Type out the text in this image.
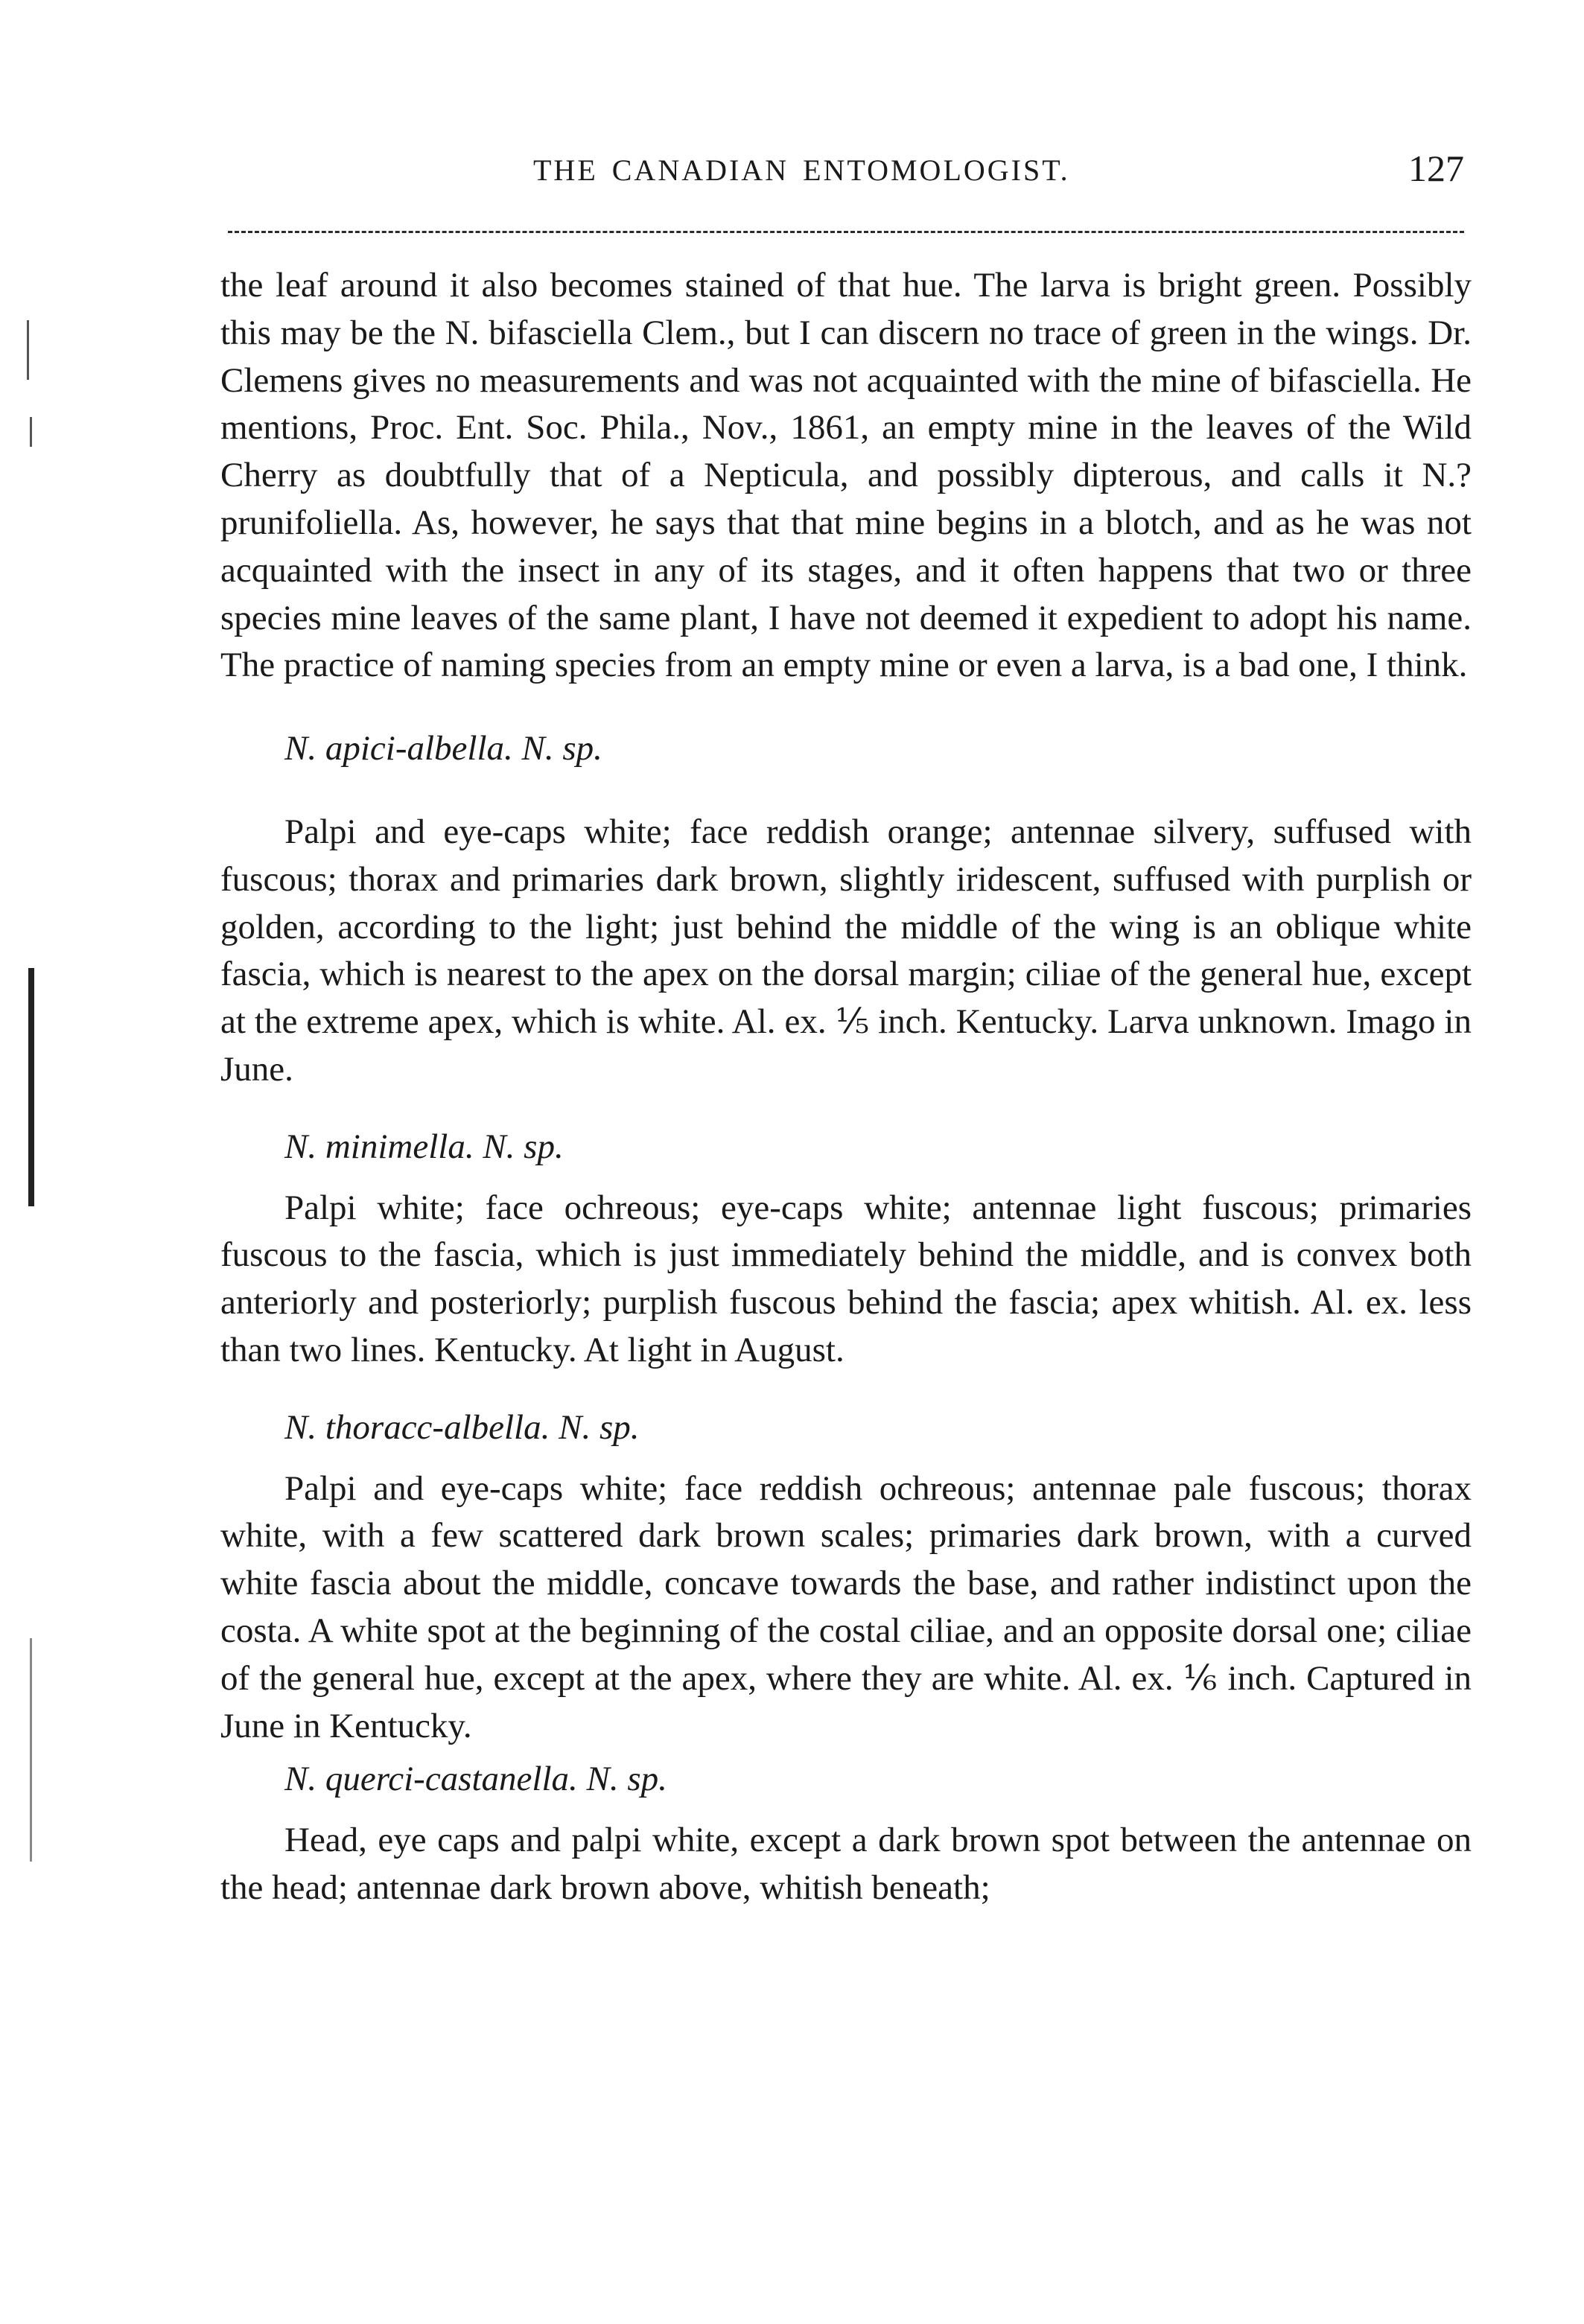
THE CANADIAN ENTOMOLOGIST.	127

the leaf around it also becomes stained of that hue. The larva is bright green. Possibly this may be the N. bifasciella Clem., but I can discern no trace of green in the wings. Dr. Clemens gives no measurements and was not acquainted with the mine of bifasciella. He mentions, Proc. Ent. Soc. Phila., Nov., 1861, an empty mine in the leaves of the Wild Cherry as doubtfully that of a Nepticula, and possibly dipterous, and calls it N.? prunifoliella. As, however, he says that that mine begins in a blotch, and as he was not acquainted with the insect in any of its stages, and it often happens that two or three species mine leaves of the same plant, I have not deemed it expedient to adopt his name. The practice of naming species from an empty mine or even a larva, is a bad one, I think.

N. apici-albella. N. sp.

Palpi and eye-caps white; face reddish orange; antennae silvery, suffused with fuscous; thorax and primaries dark brown, slightly iridescent, suffused with purplish or golden, according to the light; just behind the middle of the wing is an oblique white fascia, which is nearest to the apex on the dorsal margin; ciliae of the general hue, except at the extreme apex, which is white. Al. ex. ⅕ inch. Kentucky. Larva unknown. Imago in June.

N. minimella. N. sp.

Palpi white; face ochreous; eye-caps white; antennae light fuscous; primaries fuscous to the fascia, which is just immediately behind the middle, and is convex both anteriorly and posteriorly; purplish fuscous behind the fascia; apex whitish. Al. ex. less than two lines. Kentucky. At light in August.

N. thoracc-albella. N. sp.

Palpi and eye-caps white; face reddish ochreous; antennae pale fuscous; thorax white, with a few scattered dark brown scales; primaries dark brown, with a curved white fascia about the middle, concave towards the base, and rather indistinct upon the costa. A white spot at the beginning of the costal ciliae, and an opposite dorsal one; ciliae of the general hue, except at the apex, where they are white. Al. ex. ⅙ inch. Captured in June in Kentucky.

N. querci-castanella. N. sp.

Head, eye caps and palpi white, except a dark brown spot between the antennae on the head; antennae dark brown above, whitish beneath;
